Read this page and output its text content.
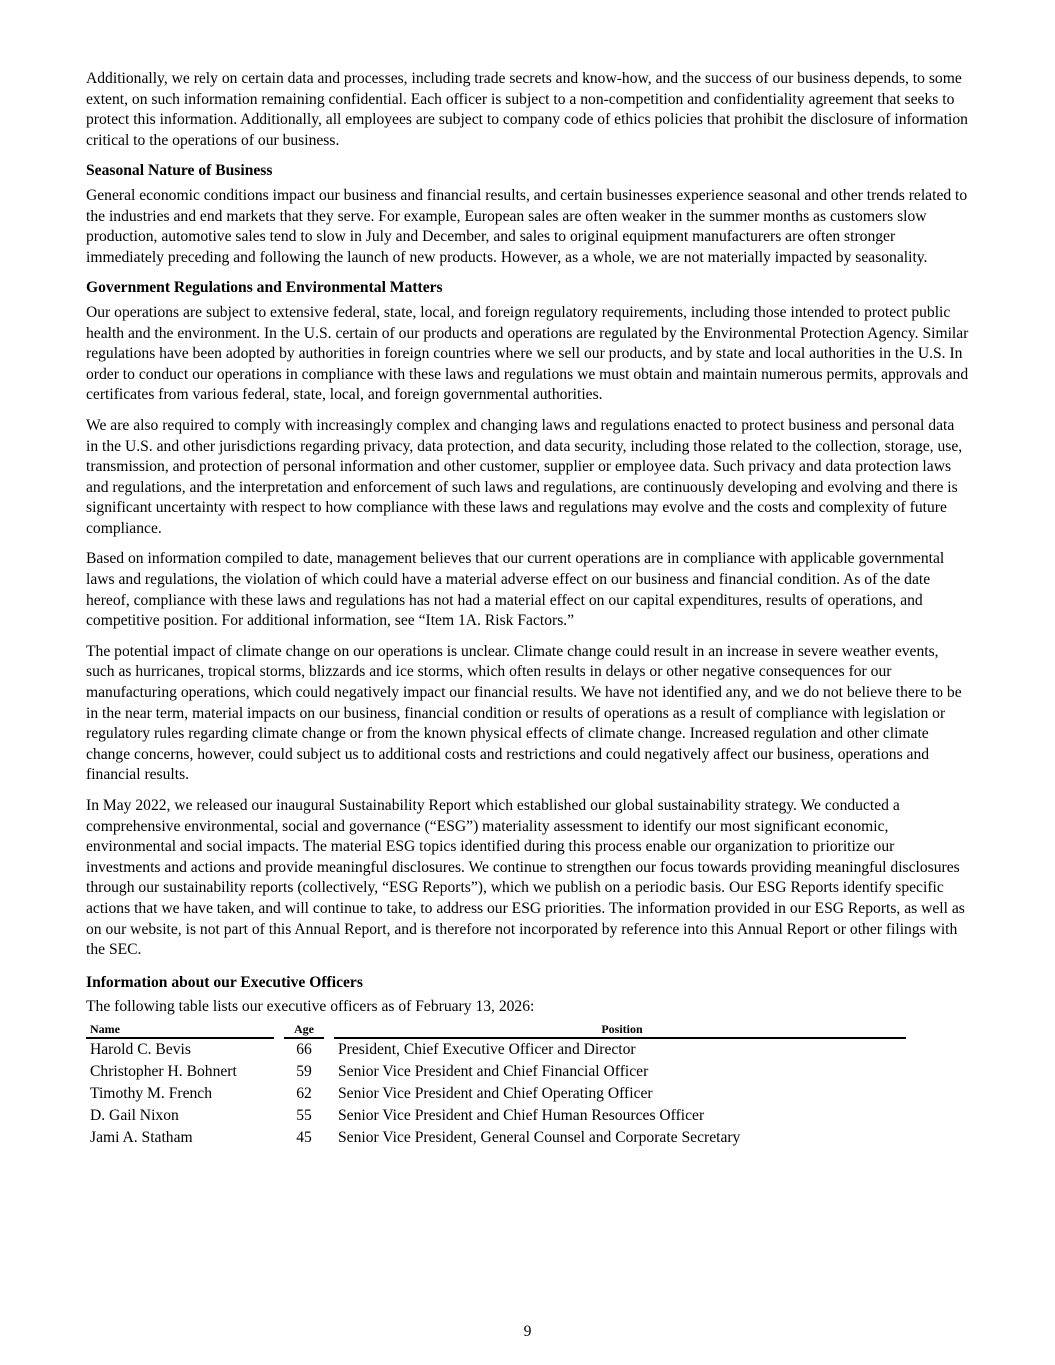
Additionally, we rely on certain data and processes, including trade secrets and know-how, and the success of our business depends, to some extent, on such information remaining confidential. Each officer is subject to a non-competition and confidentiality agreement that seeks to protect this information. Additionally, all employees are subject to company code of ethics policies that prohibit the disclosure of information critical to the operations of our business.

Seasonal Nature of Business

General economic conditions impact our business and financial results, and certain businesses experience seasonal and other trends related to the industries and end markets that they serve. For example, European sales are often weaker in the summer months as customers slow production, automotive sales tend to slow in July and December, and sales to original equipment manufacturers are often stronger immediately preceding and following the launch of new products. However, as a whole, we are not materially impacted by seasonality.

Government Regulations and Environmental Matters

Our operations are subject to extensive federal, state, local, and foreign regulatory requirements, including those intended to protect public health and the environment. In the U.S. certain of our products and operations are regulated by the Environmental Protection Agency. Similar regulations have been adopted by authorities in foreign countries where we sell our products, and by state and local authorities in the U.S. In order to conduct our operations in compliance with these laws and regulations we must obtain and maintain numerous permits, approvals and certificates from various federal, state, local, and foreign governmental authorities.

We are also required to comply with increasingly complex and changing laws and regulations enacted to protect business and personal data in the U.S. and other jurisdictions regarding privacy, data protection, and data security, including those related to the collection, storage, use, transmission, and protection of personal information and other customer, supplier or employee data. Such privacy and data protection laws and regulations, and the interpretation and enforcement of such laws and regulations, are continuously developing and evolving and there is significant uncertainty with respect to how compliance with these laws and regulations may evolve and the costs and complexity of future compliance.

Based on information compiled to date, management believes that our current operations are in compliance with applicable governmental laws and regulations, the violation of which could have a material adverse effect on our business and financial condition. As of the date hereof, compliance with these laws and regulations has not had a material effect on our capital expenditures, results of operations, and competitive position. For additional information, see “Item 1A. Risk Factors.”

The potential impact of climate change on our operations is unclear. Climate change could result in an increase in severe weather events, such as hurricanes, tropical storms, blizzards and ice storms, which often results in delays or other negative consequences for our manufacturing operations, which could negatively impact our financial results. We have not identified any, and we do not believe there to be in the near term, material impacts on our business, financial condition or results of operations as a result of compliance with legislation or regulatory rules regarding climate change or from the known physical effects of climate change. Increased regulation and other climate change concerns, however, could subject us to additional costs and restrictions and could negatively affect our business, operations and financial results.

In May 2022, we released our inaugural Sustainability Report which established our global sustainability strategy. We conducted a comprehensive environmental, social and governance (“ESG”) materiality assessment to identify our most significant economic, environmental and social impacts. The material ESG topics identified during this process enable our organization to prioritize our investments and actions and provide meaningful disclosures. We continue to strengthen our focus towards providing meaningful disclosures through our sustainability reports (collectively, “ESG Reports”), which we publish on a periodic basis. Our ESG Reports identify specific actions that we have taken, and will continue to take, to address our ESG priorities. The information provided in our ESG Reports, as well as on our website, is not part of this Annual Report, and is therefore not incorporated by reference into this Annual Report or other filings with the SEC.

Information about our Executive Officers

The following table lists our executive officers as of February 13, 2026:

Name		Age		Position
Harold C. Bevis		66		President, Chief Executive Officer and Director
Christopher H. Bohnert		59		Senior Vice President and Chief Financial Officer
Timothy M. French		62		Senior Vice President and Chief Operating Officer
D. Gail Nixon		55		Senior Vice President and Chief Human Resources Officer
Jami A. Statham		45		Senior Vice President, General Counsel and Corporate Secretary
9
